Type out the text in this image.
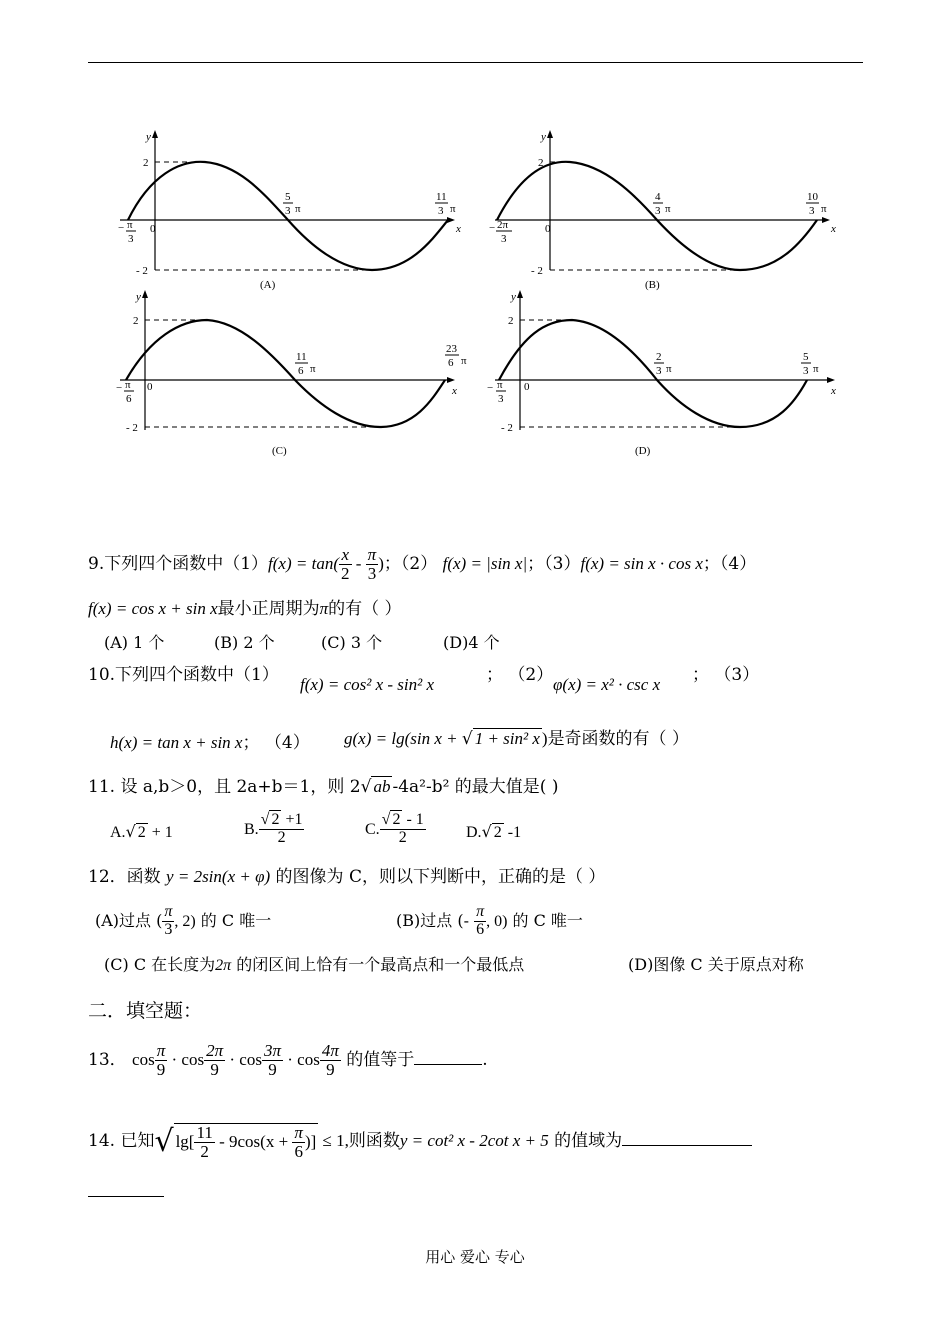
y
x
2
- 2
0
− π
3
5
3 π
11
3 π
(A)
y
x
2
- 2
0
− 2π
3
4
3 π
10
3 π
(B)
y
x
2
- 2
0
− π
6
11
6 π
23
6 π
(C)
y
x
2
- 2
0
− π
3
2
3 π
5
3 π
(D)
9.下列四个函数中$(1)f(x) = \tan( \frac{x}{2} - \frac{\pi}{3}$ )；（2） f(x) = |sin x|；（3）f(x) = sin x · cos x；（4）
f(x) = cos x + sin x最小正周期为π的有（ ）
(A) 1 个	(B) 2 个	(C) 3 个	(D)4 个
10.下列四个函数中（1） f(x) = cos² x - sin² x	； （2） φ(x) = x² · csc x ； （3）
h(x) = tan x + sin x； （4） g(x) = lg(sin x + √ 1 + sin² x )是奇函数的有（ ）
11. 设 a,b＞0，且 2a+b＝1，则 2√ ab -4a²-b² 的最大值是( )
A.√ 2 + 1	B. $\frac{√ 2 +1}{2}$	C. $\frac{√ 2 - 1}{2}$	D.√ 2 -1
12．函数 y = 2sin(x + φ) 的图像为 C，则以下判断中，正确的是（ ）
(A)过点 ( $\frac{\pi}{3}$ , 2) 的 C 唯一	(B)过点 (- $\frac{\pi}{6}$ , 0) 的 C 唯一
(C) C 在长度为2π 的闭区间上恰有一个最高点和一个最低点	(D)图像 C 关于原点对称
二．填空题：
13． $\cos \frac{\pi}{9} \cdot \cos \frac{2\pi}{9} \cdot \cos \frac{3\pi}{9} \cdot \cos \frac{4\pi}{9}$ 的值等于	.
14. 已知√ $\lg[ \frac{11}{2} - 9\cos(x + \frac{\pi}{6}$ )] ≤ 1,则函数y = cot² x - 2cot x + 5 的值域为
用心 爱心 专心
